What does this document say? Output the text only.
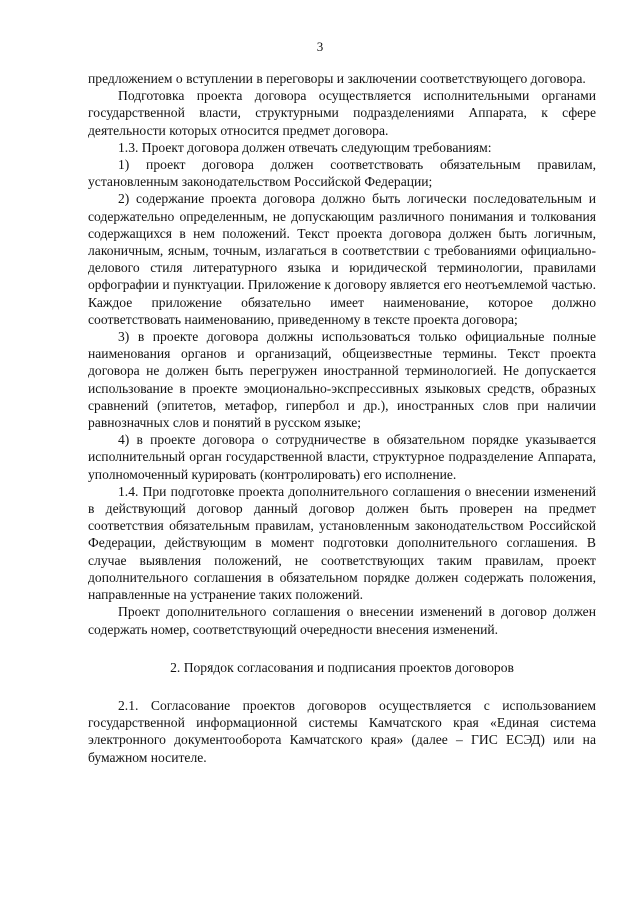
3

предложением о вступлении в переговоры и заключении соответствующего договора.

Подготовка проекта договора осуществляется исполнительными органами государственной власти, структурными подразделениями Аппарата, к сфере деятельности которых относится предмет договора.

1.3. Проект договора должен отвечать следующим требованиям:

1) проект договора должен соответствовать обязательным правилам, установленным законодательством Российской Федерации;

2) содержание проекта договора должно быть логически последовательным и содержательно определенным, не допускающим различного понимания и толкования содержащихся в нем положений. Текст проекта договора должен быть логичным, лаконичным, ясным, точным, излагаться в соответствии с требованиями официально-делового стиля литературного языка и юридической терминологии, правилами орфографии и пунктуации. Приложение к договору является его неотъемлемой частью. Каждое приложение обязательно имеет наименование, которое должно соответствовать наименованию, приведенному в тексте проекта договора;

3) в проекте договора должны использоваться только официальные полные наименования органов и организаций, общеизвестные термины. Текст проекта договора не должен быть перегружен иностранной терминологией. Не допускается использование в проекте эмоционально-экспрессивных языковых средств, образных сравнений (эпитетов, метафор, гипербол и др.), иностранных слов при наличии равнозначных слов и понятий в русском языке;

4) в проекте договора о сотрудничестве в обязательном порядке указывается исполнительный орган государственной власти, структурное подразделение Аппарата, уполномоченный курировать (контролировать) его исполнение.

1.4. При подготовке проекта дополнительного соглашения о внесении изменений в действующий договор данный договор должен быть проверен на предмет соответствия обязательным правилам, установленным законодательством Российской Федерации, действующим в момент подготовки дополнительного соглашения. В случае выявления положений, не соответствующих таким правилам, проект дополнительного соглашения в обязательном порядке должен содержать положения, направленные на устранение таких положений.

Проект дополнительного соглашения о внесении изменений в договор должен содержать номер, соответствующий очередности внесения изменений.

2. Порядок согласования и подписания проектов договоров

2.1. Согласование проектов договоров осуществляется с использованием государственной информационной системы Камчатского края «Единая система электронного документооборота Камчатского края» (далее – ГИС ЕСЭД) или на бумажном носителе.
